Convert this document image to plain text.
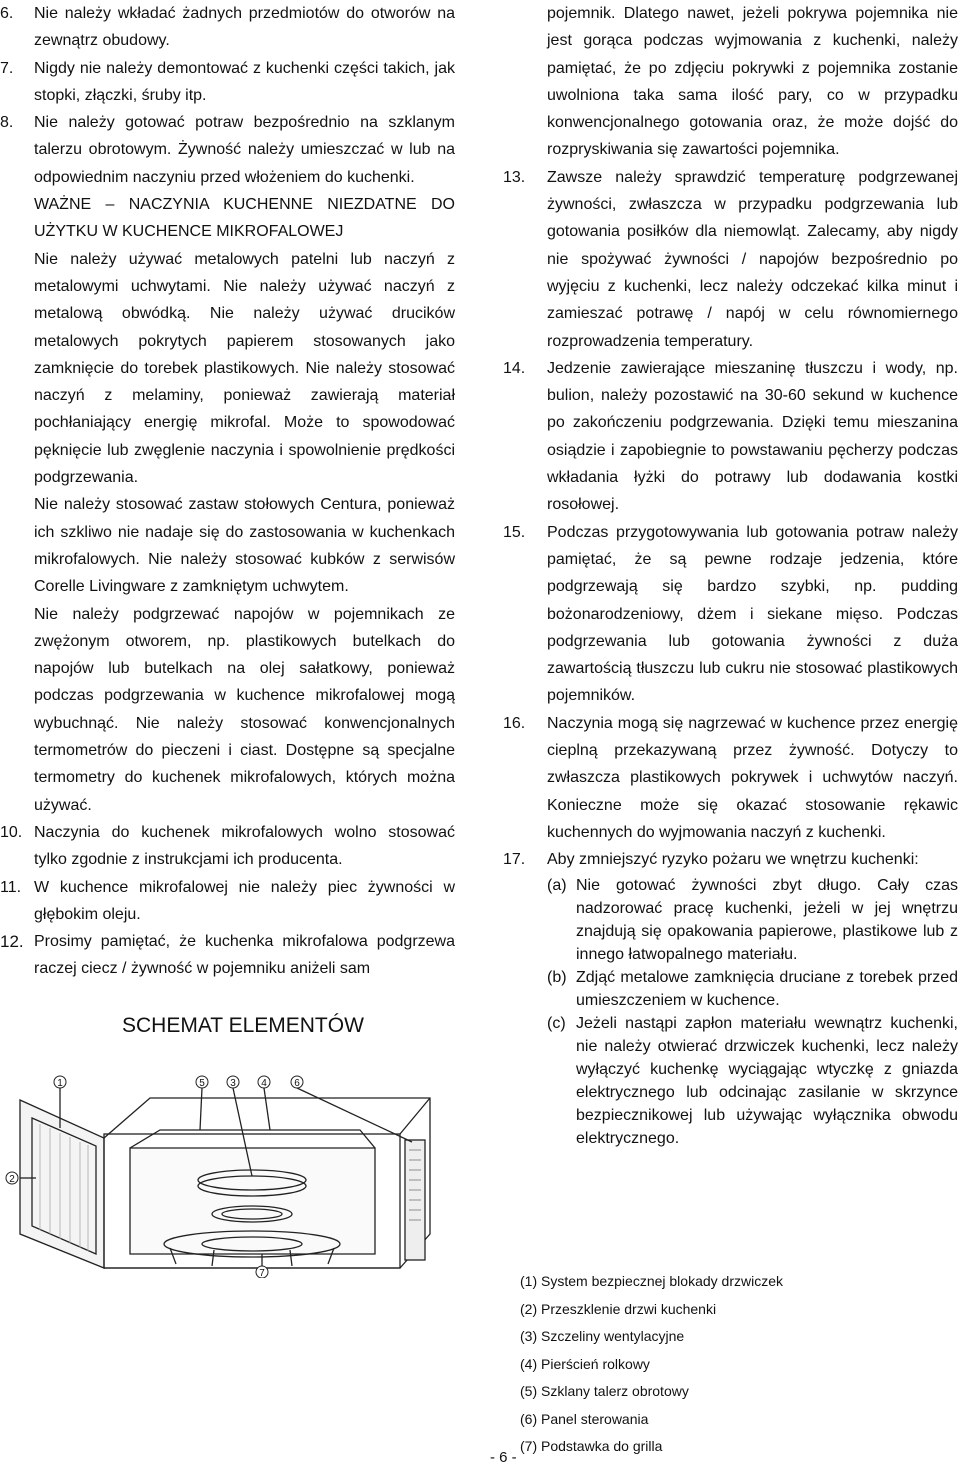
6.	Nie należy wkładać żadnych przedmiotów do otworów na zewnątrz obudowy.
7.	Nigdy nie należy demontować z kuchenki części takich, jak stopki, złączki, śruby itp.
8.	Nie należy gotować potraw bezpośrednio na szklanym talerzu obrotowym. Żywność należy umieszczać w lub na odpowiednim naczyniu przed włożeniem do kuchenki.
WAŻNE – NACZYNIA KUCHENNE NIEZDATNE DO UŻYTKU W KUCHENCE MIKROFALOWEJ
Nie należy używać metalowych patelni lub naczyń z metalowymi uchwytami. Nie należy używać naczyń z metalową obwódką. Nie należy używać drucików metalowych pokrytych papierem stosowanych jako zamknięcie do torebek plastikowych. Nie należy stosować naczyń z melaminy, ponieważ zawierają materiał pochłaniający energię mikrofal. Może to spowodować pęknięcie lub zwęglenie naczynia i spowolnienie prędkości podgrzewania.
Nie należy stosować zastaw stołowych Centura, ponieważ ich szkliwo nie nadaje się do zastosowania w kuchenkach mikrofalowych. Nie należy stosować kubków z serwisów Corelle Livingware z zamkniętym uchwytem.
Nie należy podgrzewać napojów w pojemnikach ze zwężonym otworem, np. plastikowych butelkach do napojów lub butelkach na olej sałatkowy, ponieważ podczas podgrzewania w kuchence mikrofalowej mogą wybuchnąć. Nie należy stosować konwencjonalnych termometrów do pieczeni i ciast. Dostępne są specjalne termometry do kuchenek mikrofalowych, których można używać.
10. Naczynia do kuchenek mikrofalowych wolno stosować tylko zgodnie z instrukcjami ich producenta.
11. W kuchence mikrofalowej nie należy piec żywności w głębokim oleju.
12. Prosimy pamiętać, że kuchenka mikrofalowa podgrzewa raczej ciecz / żywność w pojemniku aniżeli sam
SCHEMAT ELEMENTÓW
5	3	4	6
1
2
7
pojemnik. Dlatego nawet, jeżeli pokrywa pojemnika nie jest gorąca podczas wyjmowania z kuchenki, należy pamiętać, że po zdjęciu pokrywki z pojemnika zostanie uwolniona taka sama ilość pary, co w przypadku konwencjonalnego gotowania oraz, że może dojść do rozpryskiwania się zawartości pojemnika.
13.	Zawsze należy sprawdzić temperaturę podgrzewanej żywności, zwłaszcza w przypadku podgrzewania lub gotowania posiłków dla niemowląt. Zalecamy, aby nigdy nie spożywać żywności / napojów bezpośrednio po wyjęciu z kuchenki, lecz należy odczekać kilka minut i zamieszać potrawę / napój w celu równomiernego rozprowadzenia temperatury.
14.	Jedzenie zawierające mieszaninę tłuszczu i wody, np. bulion, należy pozostawić na 30-60 sekund w kuchence po zakończeniu podgrzewania. Dzięki temu mieszanina osiądzie i zapobiegnie to powstawaniu pęcherzy podczas wkładania łyżki do potrawy lub dodawania kostki rosołowej.
15.	Podczas przygotowywania lub gotowania potraw należy pamiętać, że są pewne rodzaje jedzenia, które podgrzewają się bardzo szybki, np. pudding bożonarodzeniowy, dżem i siekane mięso. Podczas podgrzewania lub gotowania żywności z duża zawartością tłuszczu lub cukru nie stosować plastikowych pojemników.
16.	Naczynia mogą się nagrzewać w kuchence przez energię cieplną przekazywaną przez żywność. Dotyczy to zwłaszcza plastikowych pokrywek i uchwytów naczyń. Konieczne może się okazać stosowanie rękawic kuchennych do wyjmowania naczyń z kuchenki.
17.	Aby zmniejszyć ryzyko pożaru we wnętrzu kuchenki:
(a) Nie gotować żywności zbyt długo. Cały czas nadzorować pracę kuchenki, jeżeli w jej wnętrzu znajdują się opakowania papierowe, plastikowe lub z innego łatwopalnego materiału.
(b) Zdjąć metalowe zamknięcia druciane z torebek przed umieszczeniem w kuchence.
(c) Jeżeli nastąpi zapłon materiału wewnątrz kuchenki, nie należy otwierać drzwiczek kuchenki, lecz należy wyłączyć kuchenkę wyciągając wtyczkę z gniazda elektrycznego lub odcinając zasilanie w skrzynce bezpiecznikowej lub używając wyłącznika obwodu elektrycznego.
(1) System bezpiecznej blokady drzwiczek
(2) Przeszklenie drzwi kuchenki
(3) Szczeliny wentylacyjne
(4) Pierścień rolkowy
(5) Szklany talerz obrotowy
(6) Panel sterowania
(7) Podstawka do grilla
- 6 -
